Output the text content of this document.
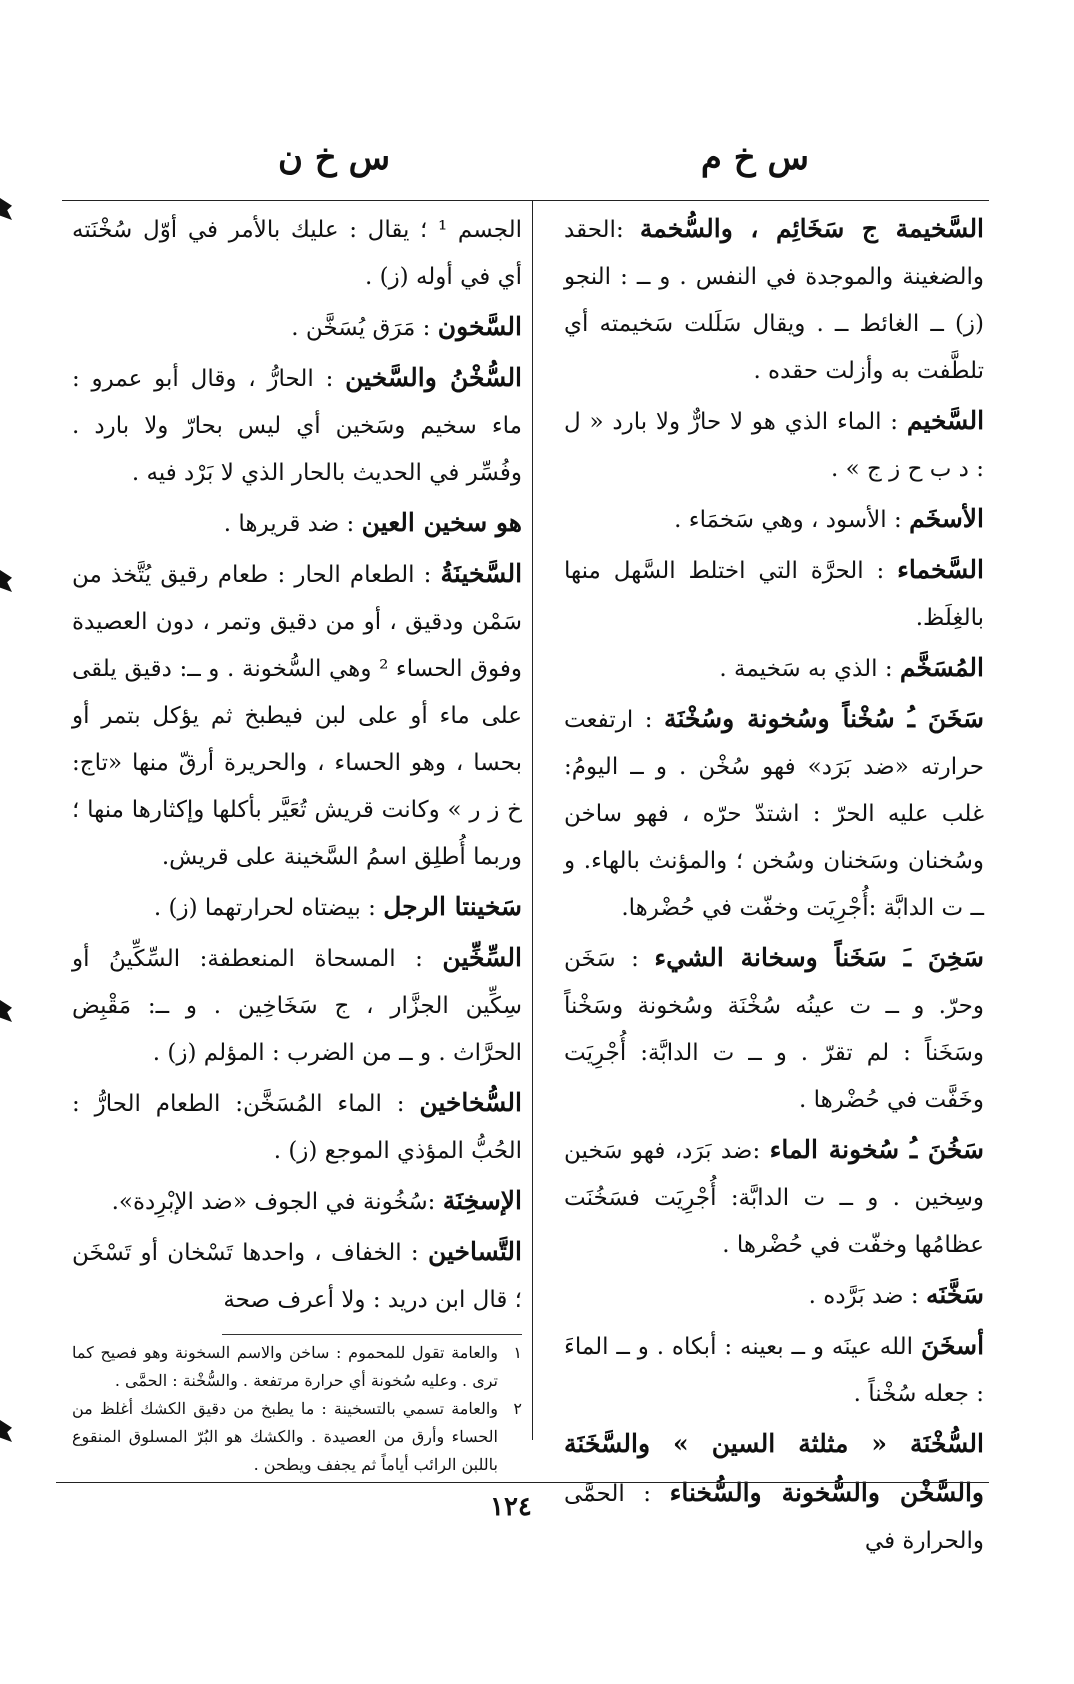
س خ م
س خ ن
السَّخيمة ج سَخَائِم ، والسُّخمة :الحقد والضغينة والموجدة في النفس . و ــ : النجو (ز) ــ الغائط ــ . ويقال سَلَلت سَخيمته أي تلطَّفت به وأزلت حقده .
السَّخيم : الماء الذي هو لا حارٌّ ولا بارد « ل : د ب ح ز ج » .
الأسخَم : الأسود ، وهي سَخمَاء .
السَّخماء : الحرَّة التي اختلط السَّهل منها بالغِلَظ.
المُسَخَّم : الذي به سَخيمة .
سَخَنَ ـُ سُخْناً وسُخونة وسُخْنَة : ارتفعت حرارته «ضد بَرَد» فهو سُخْن . و ــ اليومُ: غلب عليه الحرّ : اشتدّ حرّه ، فهو ساخن وسُخنان وسَخنان وسُخن ؛ والمؤنث بالهاء. و ــ ت الدابَّة :أُجْرِيَت وخفّت في حُضْرها.
سَخِنَ ـَ سَخَناً وسخانة الشيء : سَخَن وحرّ. و ــ ت عينُه سُخْنَة وسُخونة وسَخْناً وسَخَناً : لم تقرّ . و ــ ت الدابَّة: أُجْرِيَت وخَفَّت في حُضْرها .
سَخُنَ ـُ سُخونة الماء :ضد بَرَد، فهو سَخين وسِخين . و ــ ت الدابَّة: أُجْرِيَت فسَخُنَت عظامُها وخفّت في حُضْرها .
سَخَّنَه : ضد بَرَّده .
أسخَنَ الله عينَه و ــ بعينه : أبكاه . و ــ الماءَ : جعله سُخْناً .
السُّخْنَة « مثلثة السين » والسَّخَنَة والسَّخْن والسُّخونة والسُّخناء : الحمَّى والحرارة في
الجسم ¹ ؛ يقال : عليك بالأمر في أوّل سُخْنَته أي في أوله (ز) .
السَّخون : مَرَق يُسَخَّن .
السُّخْنُ والسَّخين : الحارُّ ، وقال أبو عمرو : ماء سخيم وسَخين أي ليس بحارّ ولا بارد . وفُسِّر في الحديث بالحار الذي لا بَرْد فيه .
هو سخين العين : ضد قريرها .
السَّخينَةُ : الطعام الحار : طعام رقيق يُتَّخذ من سَمْن ودقيق ، أو من دقيق وتمر ، دون العصيدة وفوق الحساء ² وهي السُّخونة . و ــ: دقيق يلقى على ماء أو على لبن فيطبخ ثم يؤكل بتمر أو بحسا ، وهو الحساء ، والحريرة أرقّ منها «تاج: خ ز ر » وكانت قريش تُعَيَّر بأكلها وإكثارها منها ؛ وربما أُطلِق اسمُ السَّخينة على قريش.
سَخينتا الرجل : بيضتاه لحرارتهما (ز) .
السِّخِّين : المسحاة المنعطفة: السِّكِّينُ أو سِكِّين الجزَّار ، ج سَخَاخِين . و ــ: مَقْبِض الحرَّاث . و ــ من الضرب : المؤلم (ز) .
السُّخاخين : الماء المُسَخَّن: الطعام الحارُّ : الحُبُّ المؤذي الموجع (ز) .
الإسخِنَة :سُخُونة في الجوف «ضد الإبْرِدة».
التَّساخين : الخفاف ، واحدها تَسْخان أو تَسْخَن ؛ قال ابن دريد : ولا أعرف صحة
١
والعامة تقول للمحموم : ساخن والاسم السخونة وهو فصيح كما ترى . وعليه سُخونة أي حرارة مرتفعة . والسُّخْنة : الحمَّى .
٢
والعامة تسمي بالتسخينة : ما يطبخ من دقيق الكشك أغلظ من الحساء وأرق من العصيدة . والكشك هو البُرّ المسلوق المنقوع باللبن الرائب أياماً ثم يجفف ويطحن .
١٢٤
